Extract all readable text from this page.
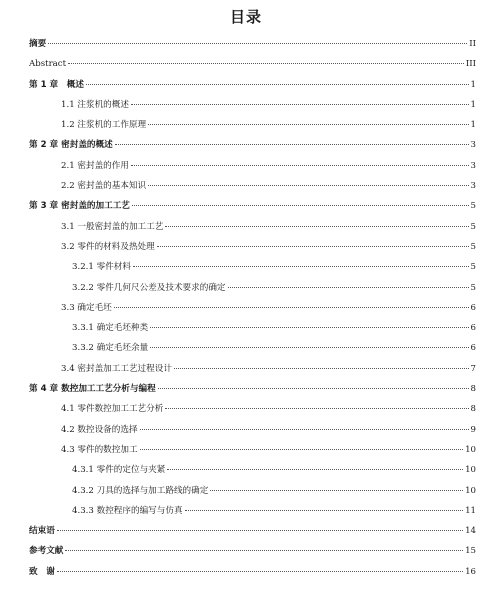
目录
摘要	II
Abstract	III
第 1 章　概述	1
1.1 注浆机的概述	1
1.2 注浆机的工作原理	1
第 2 章 密封盖的概述	3
2.1 密封盖的作用	3
2.2 密封盖的基本知识	3
第 3 章 密封盖的加工工艺	5
3.1 一般密封盖的加工工艺	5
3.2 零件的材料及热处理	5
3.2.1 零件材料	5
3.2.2 零件几何尺公差及技术要求的确定	5
3.3 确定毛坯	6
3.3.1 确定毛坯种类	6
3.3.2 确定毛坯余量	6
3.4 密封盖加工工艺过程设计	7
第 4 章 数控加工工艺分析与编程	8
4.1 零件数控加工工艺分析	8
4.2 数控设备的选择	9
4.3 零件的数控加工	10
4.3.1 零件的定位与夹紧	10
4.3.2 刀具的选择与加工路线的确定	10
4.3.3 数控程序的编写与仿真	11
结束语	14
参考文献	15
致　谢	16
